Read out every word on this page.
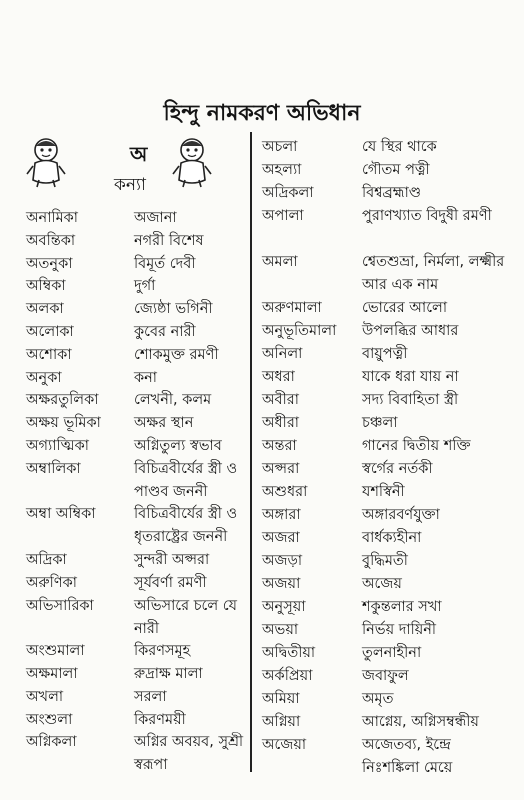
হিন্দু নামকরণ অভিধান
অ
কন্যা
অনামিকা	অজানা
অবন্তিকা	নগরী বিশেষ
অতনুকা	বিমূর্ত দেবী
অম্বিকা	দুর্গা
অলকা	জ্যেষ্ঠা ভগিনী
অলোকা	কুবের নারী
অশোকা	শোকমুক্ত রমণী
অনুকা	কনা
অক্ষরতুলিকা	লেখনী, কলম
অক্ষয় ভূমিকা	অক্ষর স্থান
অগ্যাত্মিকা	অগ্নিতুল্য স্বভাব
অম্বালিকা	বিচিত্রবীর্যের স্ত্রী ও পাণ্ডব জননী
অম্বা অম্বিকা	বিচিত্রবীর্যের স্ত্রী ও ধৃতরাষ্ট্রের জননী
অদ্রিকা	সুন্দরী অপ্সরা
অরুণিকা	সূর্যবর্ণা রমণী
অভিসারিকা	অভিসারে চলে যে নারী
অংশুমালা	কিরণসমূহ
অক্ষমালা	রুদ্রাক্ষ মালা
অখলা	সরলা
অংশুলা	কিরণময়ী
অগ্নিকলা	অগ্নির অবয়ব, সুশ্রী স্বরূপা
অচলা	যে স্থির থাকে
অহল্যা	গৌতম পত্নী
অদ্রিকলা	বিশ্বব্রহ্মাণ্ড
অপালা	পুরাণখ্যাত বিদুষী রমণী
অমলা	শ্বেতশুভ্রা, নির্মলা, লক্ষ্মীর আর এক নাম
অরুণমালা	ভোরের আলো
অনুভূতিমালা	উপলব্ধির আধার
অনিলা	বায়ুপত্নী
অধরা	যাকে ধরা যায় না
অবীরা	সদ্য বিবাহিতা স্ত্রী
অধীরা	চঞ্চলা
অন্তরা	গানের দ্বিতীয় শক্তি
অপ্সরা	স্বর্গের নর্তকী
অশুধরা	যশস্বিনী
অঙ্গারা	অঙ্গারবর্ণযুক্তা
অজরা	বার্ধক্যহীনা
অজড়া	বুদ্ধিমতী
অজয়া	অজেয়
অনুসূয়া	শকুন্তলার সখা
অভয়া	নির্ভয় দায়িনী
অদ্বিতীয়া	তুলনাহীনা
অর্কপ্রিয়া	জবাফুল
অমিয়া	অমৃত
অগ্নিয়া	আগ্নেয়, অগ্নিসম্বন্ধীয়
অজেয়া	অজেতব্য, ইন্দ্রে নিঃশঙ্কিলা মেয়ে
